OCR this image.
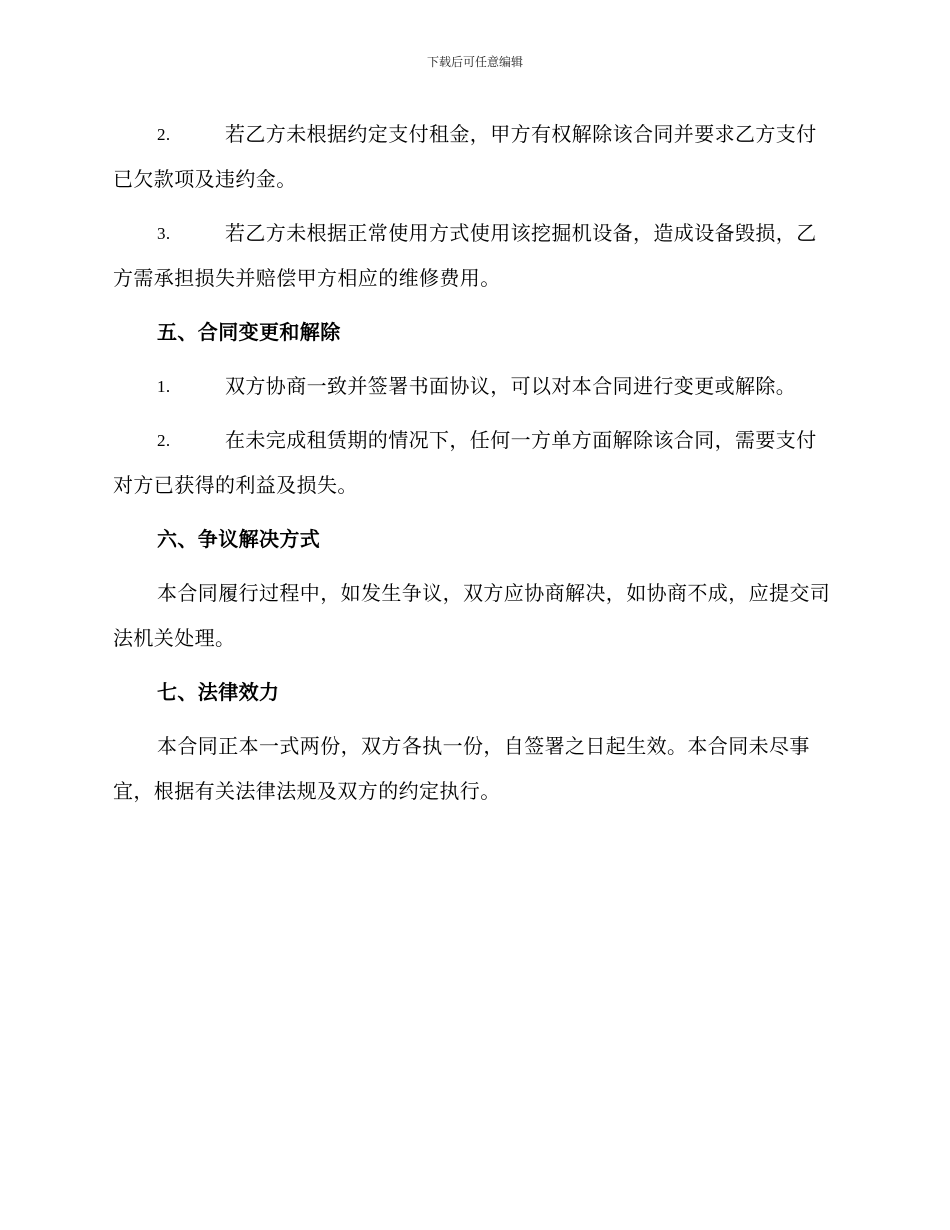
下载后可任意编辑

2.	若乙方未根据约定支付租金，甲方有权解除该合同并要求乙方支付已欠款项及违约金。

3.	若乙方未根据正常使用方式使用该挖掘机设备，造成设备毁损，乙方需承担损失并赔偿甲方相应的维修费用。

五、合同变更和解除

1.	双方协商一致并签署书面协议，可以对本合同进行变更或解除。

2.	在未完成租赁期的情况下，任何一方单方面解除该合同，需要支付对方已获得的利益及损失。

六、争议解决方式

本合同履行过程中，如发生争议，双方应协商解决，如协商不成，应提交司法机关处理。

七、法律效力

本合同正本一式两份，双方各执一份，自签署之日起生效。本合同未尽事宜，根据有关法律法规及双方的约定执行。
